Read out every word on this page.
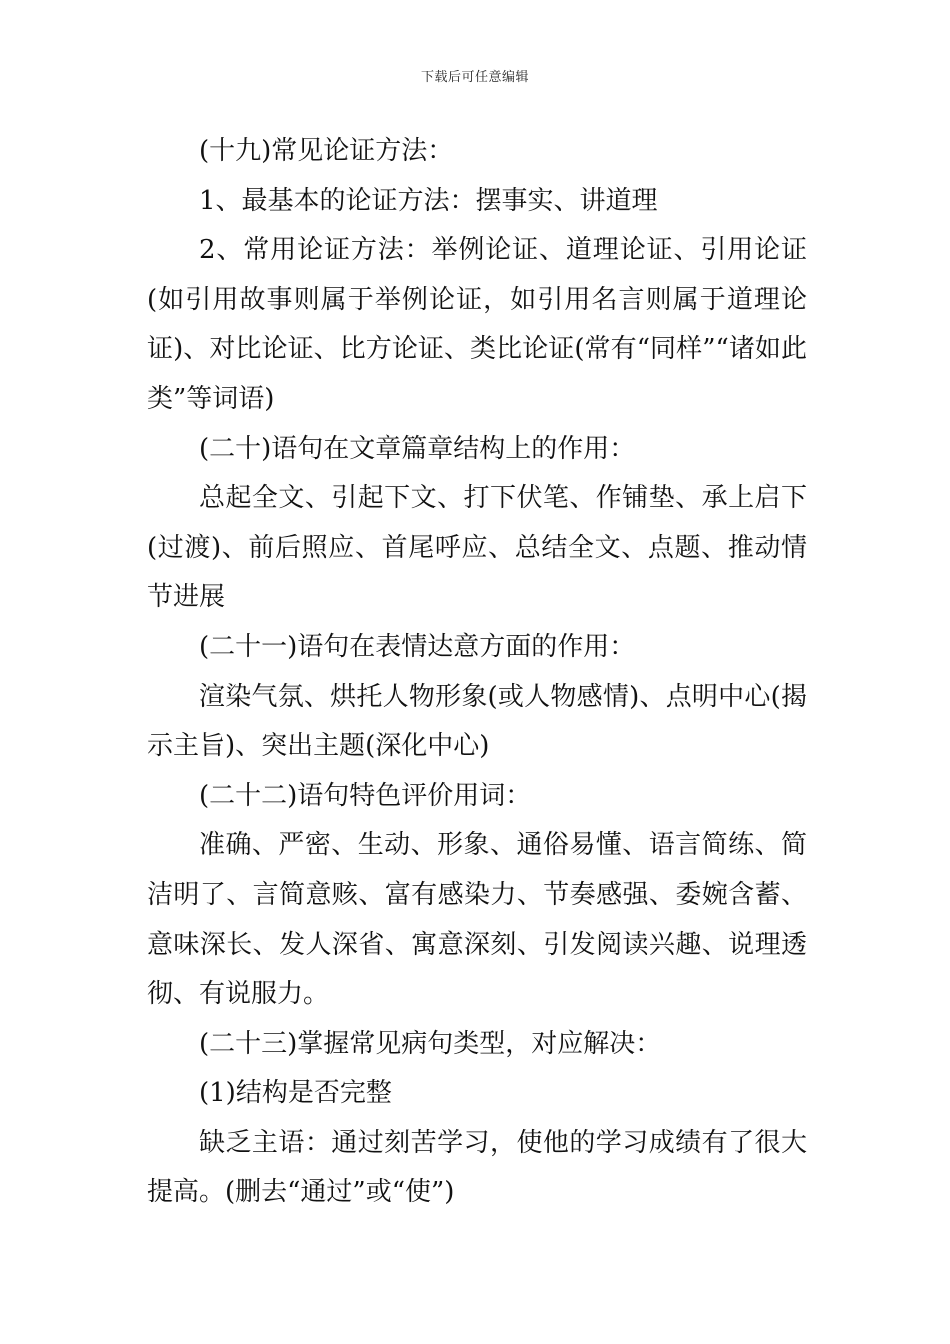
下载后可任意编辑

(十九)常见论证方法：

1、最基本的论证方法：摆事实、讲道理

2、常用论证方法：举例论证、道理论证、引用论证(如引用故事则属于举例论证，如引用名言则属于道理论证)、对比论证、比方论证、类比论证(常有“同样”“诸如此类”等词语)

(二十)语句在文章篇章结构上的作用：

总起全文、引起下文、打下伏笔、作铺垫、承上启下(过渡)、前后照应、首尾呼应、总结全文、点题、推动情节进展

(二十一)语句在表情达意方面的作用：

渲染气氛、烘托人物形象(或人物感情)、点明中心(揭示主旨)、突出主题(深化中心)

(二十二)语句特色评价用词：

准确、严密、生动、形象、通俗易懂、语言简练、简洁明了、言简意赅、富有感染力、节奏感强、委婉含蓄、意味深长、发人深省、寓意深刻、引发阅读兴趣、说理透彻、有说服力。

(二十三)掌握常见病句类型，对应解决：

(1)结构是否完整

缺乏主语：通过刻苦学习，使他的学习成绩有了很大提高。(删去“通过”或“使”)
